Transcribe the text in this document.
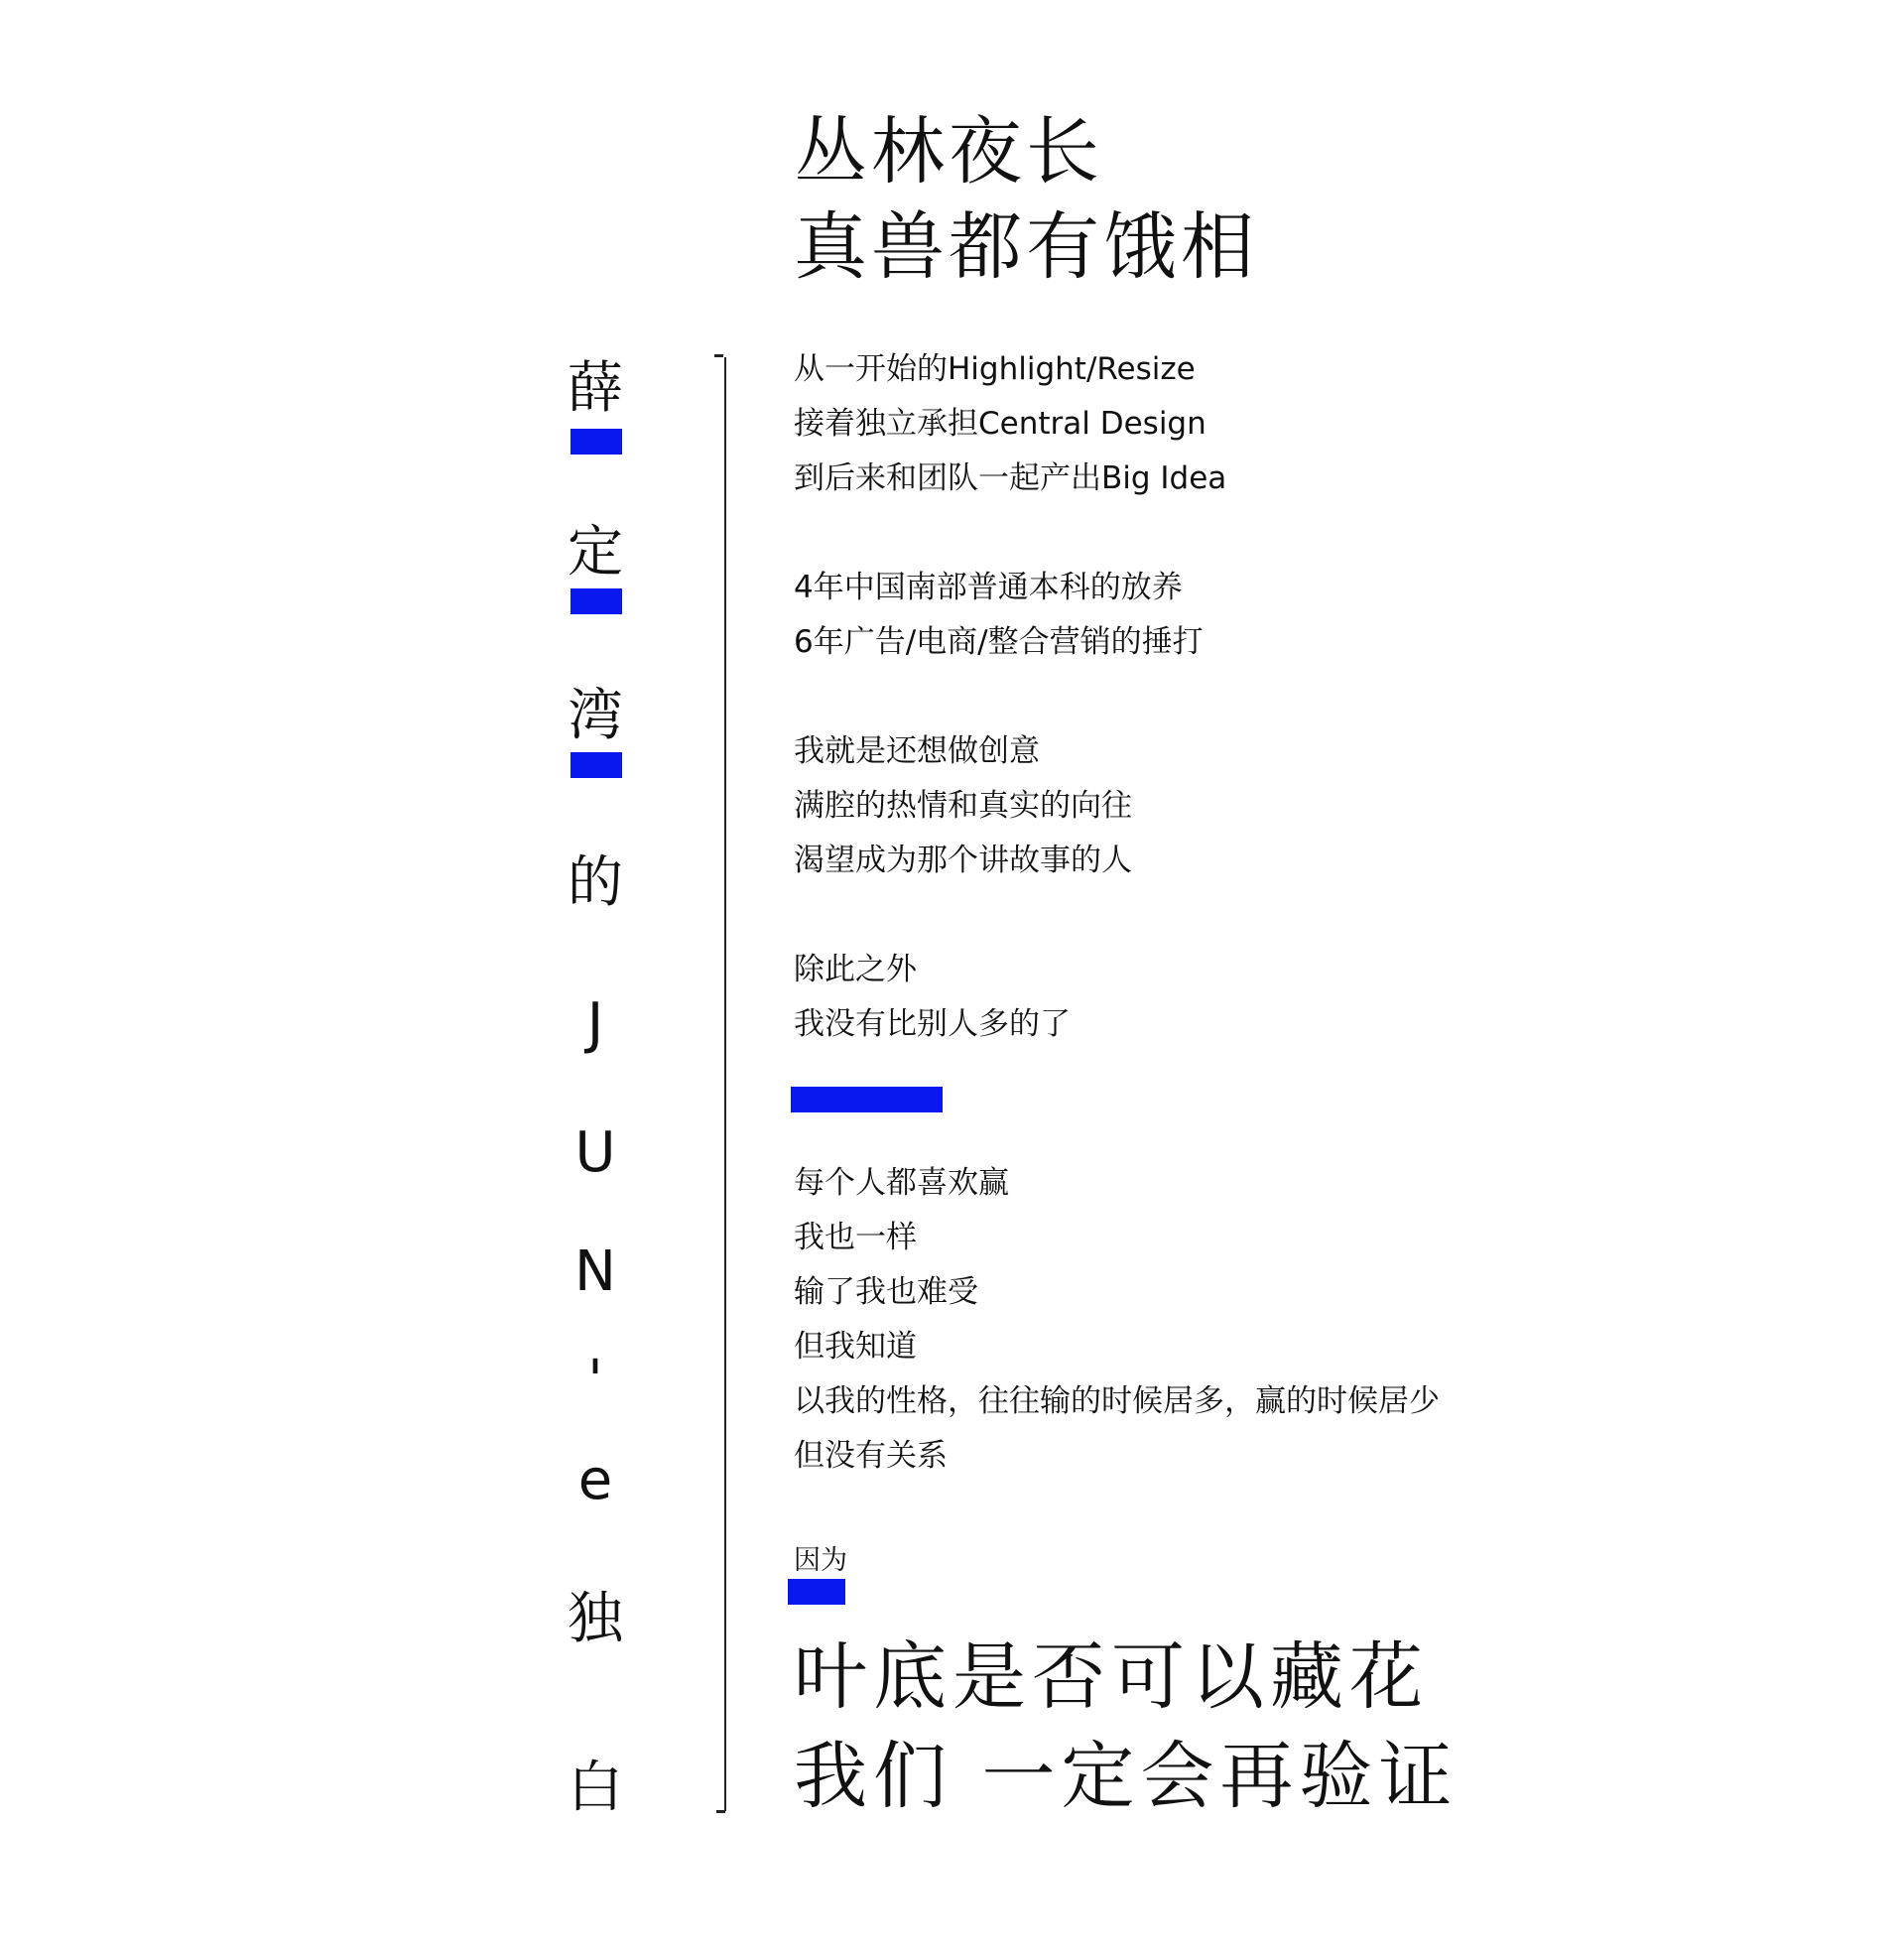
薛
定
湾
的
J
U
N
'
e
独
白
丛林夜长
真兽都有饿相
从一开始的Highlight/Resize
接着独立承担Central Design
到后来和团队一起产出Big Idea
4年中国南部普通本科的放养
6年广告/电商/整合营销的捶打
我就是还想做创意
满腔的热情和真实的向往
渴望成为那个讲故事的人
除此之外
我没有比别人多的了
每个人都喜欢赢
我也一样
输了我也难受
但我知道
以我的性格，往往输的时候居多，赢的时候居少
但没有关系
因为
叶底是否可以藏花
我们 一定会再验证
